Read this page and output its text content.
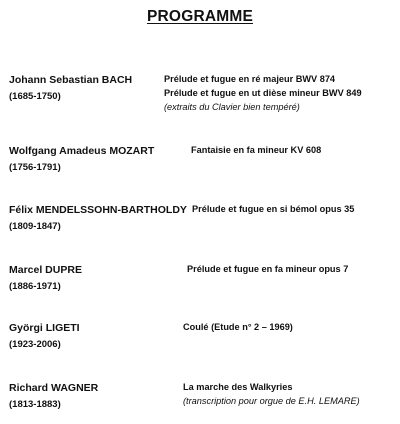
PROGRAMME
Johann Sebastian BACH
(1685-1750)
Prélude et fugue en ré majeur BWV 874
Prélude et fugue en ut dièse mineur BWV 849
(extraits du Clavier bien tempéré)
Wolfgang Amadeus MOZART
(1756-1791)
Fantaisie en fa mineur KV 608
Félix MENDELSSOHN-BARTHOLDY
(1809-1847)
Prélude et fugue en si bémol opus 35
Marcel DUPRE
(1886-1971)
Prélude et fugue en fa mineur opus 7
Györgi LIGETI
(1923-2006)
Coulé (Etude n° 2 – 1969)
Richard WAGNER
(1813-1883)
La marche des Walkyries
(transcription pour orgue de E.H. LEMARE)
